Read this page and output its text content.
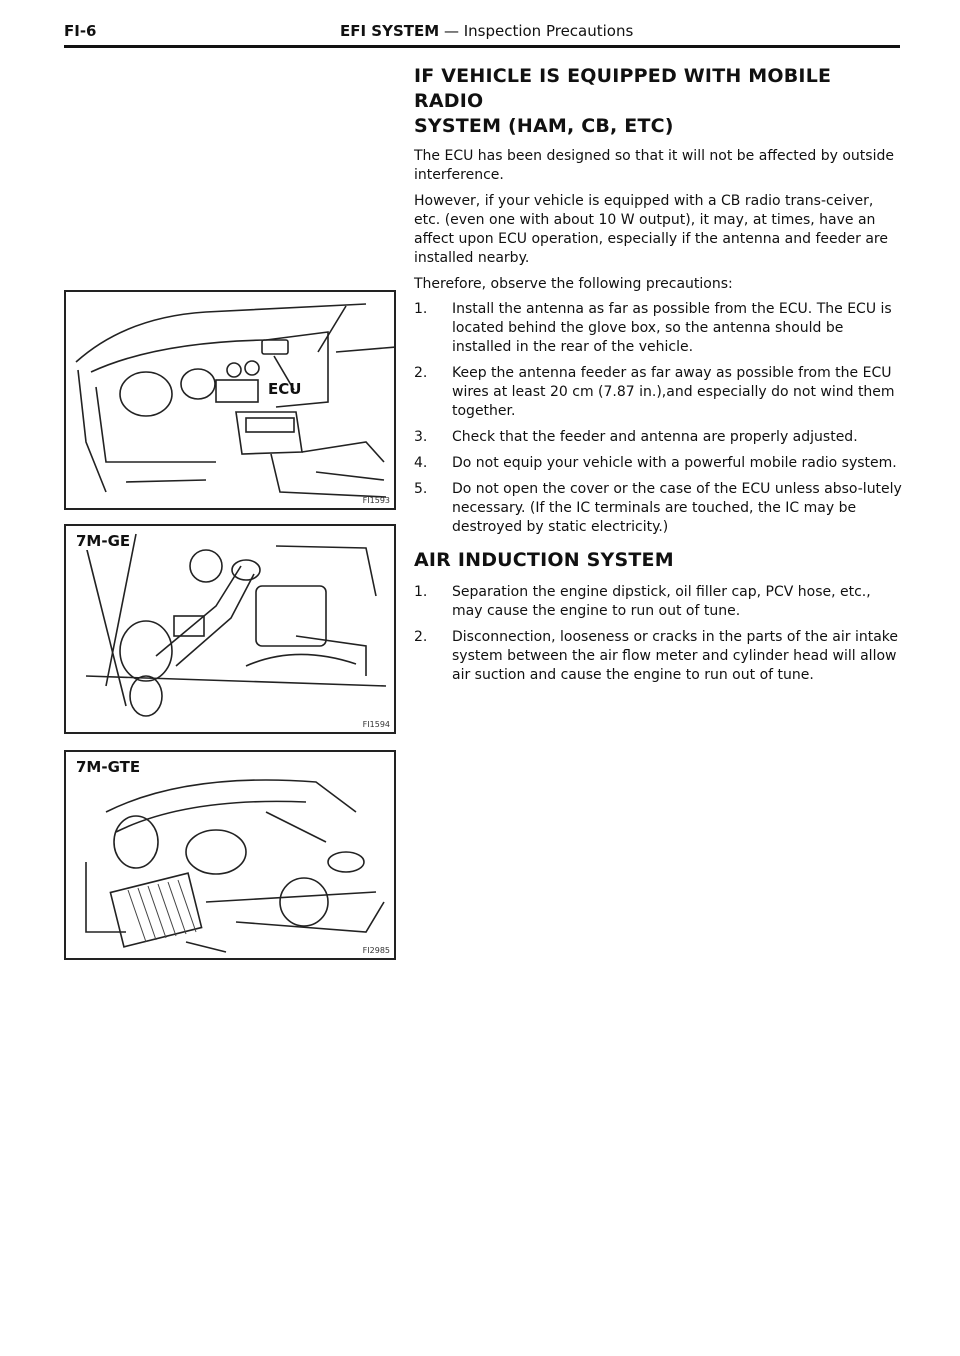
FI-6	EFI SYSTEM — Inspection Precautions
ECU
FI1593
7M-GE
FI1594
7M-GTE
FI2985
IF VEHICLE IS EQUIPPED WITH MOBILE RADIO
SYSTEM (HAM, CB, ETC)

The ECU has been designed so that it will not be affected by outside interference.

However, if your vehicle is equipped with a CB radio trans-ceiver, etc. (even one with about 10 W output), it may, at times, have an affect upon ECU operation, especially if the antenna and feeder are installed nearby.

Therefore, observe the following precautions:

1. Install the antenna as far as possible from the ECU. The ECU is located behind the glove box, so the antenna should be installed in the rear of the vehicle.
2. Keep the antenna feeder as far away as possible from the ECU wires at least 20 cm (7.87 in.),and especially do not wind them together.
3. Check that the feeder and antenna are properly adjusted.
4. Do not equip your vehicle with a powerful mobile radio system.
5. Do not open the cover or the case of the ECU unless abso-lutely necessary. (If the IC terminals are touched, the IC may be destroyed by static electricity.)
AIR INDUCTION SYSTEM
1. Separation the engine dipstick, oil filler cap, PCV hose, etc., may cause the engine to run out of tune.
2. Disconnection, looseness or cracks in the parts of the air intake system between the air flow meter and cylinder head will allow air suction and cause the engine to run out of tune.
